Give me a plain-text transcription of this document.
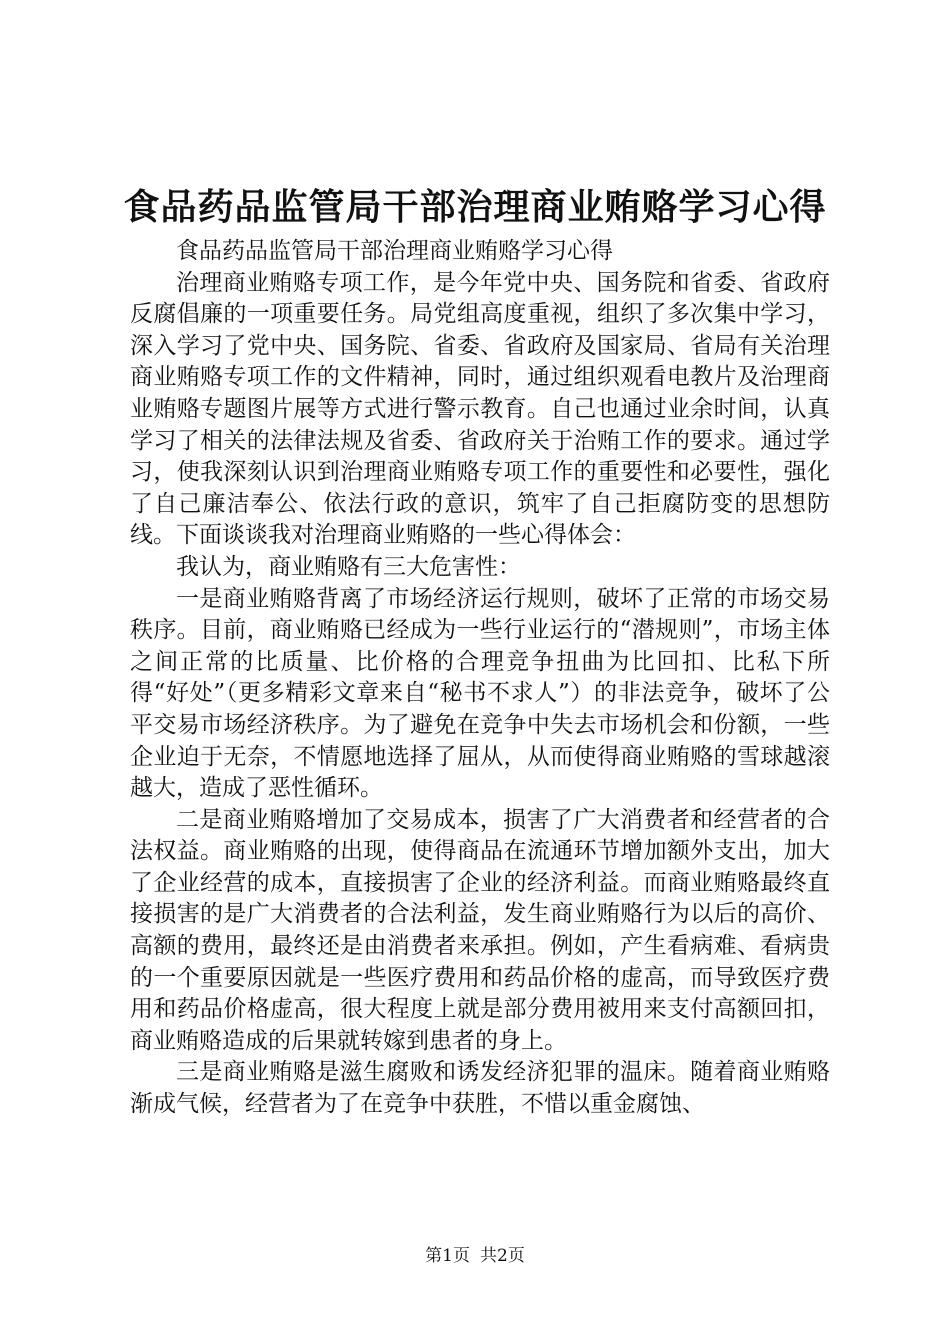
食品药品监管局干部治理商业贿赂学习心得

食品药品监管局干部治理商业贿赂学习心得

治理商业贿赂专项工作，是今年党中央、国务院和省委、省政府反腐倡廉的一项重要任务。局党组高度重视，组织了多次集中学习，深入学习了党中央、国务院、省委、省政府及国家局、省局有关治理商业贿赂专项工作的文件精神，同时，通过组织观看电教片及治理商业贿赂专题图片展等方式进行警示教育。自己也通过业余时间，认真学习了相关的法律法规及省委、省政府关于治贿工作的要求。通过学习，使我深刻认识到治理商业贿赂专项工作的重要性和必要性，强化了自己廉洁奉公、依法行政的意识，筑牢了自己拒腐防变的思想防线。下面谈谈我对治理商业贿赂的一些心得体会：

我认为，商业贿赂有三大危害性：

一是商业贿赂背离了市场经济运行规则，破坏了正常的市场交易秩序。目前，商业贿赂已经成为一些行业运行的“潜规则”，市场主体之间正常的比质量、比价格的合理竞争扭曲为比回扣、比私下所得“好处”（更多精彩文章来自“秘书不求人”）的非法竞争，破坏了公平交易市场经济秩序。为了避免在竞争中失去市场机会和份额，一些企业迫于无奈，不情愿地选择了屈从，从而使得商业贿赂的雪球越滚越大，造成了恶性循环。

二是商业贿赂增加了交易成本，损害了广大消费者和经营者的合法权益。商业贿赂的出现，使得商品在流通环节增加额外支出，加大了企业经营的成本，直接损害了企业的经济利益。而商业贿赂最终直接损害的是广大消费者的合法利益，发生商业贿赂行为以后的高价、高额的费用，最终还是由消费者来承担。例如，产生看病难、看病贵的一个重要原因就是一些医疗费用和药品价格的虚高，而导致医疗费用和药品价格虚高，很大程度上就是部分费用被用来支付高额回扣，商业贿赂造成的后果就转嫁到患者的身上。

三是商业贿赂是滋生腐败和诱发经济犯罪的温床。随着商业贿赂渐成气候，经营者为了在竞争中获胜，不惜以重金腐蚀、

第1页 共2页
